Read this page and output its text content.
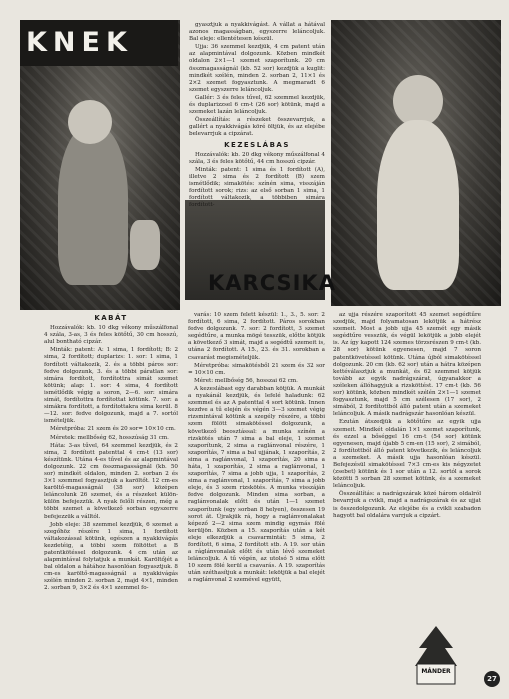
KNEK
KARCSIKA

gyasztjuk a nyakkivágást. A vállat a hátával azonos magasságban, egyszerre leláncoljuk. Bal eleje: ellentétesen készül.

Ujja: 36 szemmel kezdjük, 4 cm patent után az alapmintával dolgozunk. Közben mindkét oldalon 2×1—1 szemet szaporítunk. 20 cm összmagasságnál (kb. 52 sor) kezdjük a kuglit: mindkét szélén, minden 2. sorban 2, 11×1 és 2×2 szemet fogyasztunk. A megmaradt 6 szemet egyszerre leláncoljuk.

Gallér: 3 és feles tűvel, 62 szemmel kezdjük, és duplarizzsel 6 cm-t (26 sor) kötünk, majd a szemeket lazán leláncoljuk.

Összeállítás: a részeket összevarrjuk, a gallért a nyakkivágás köré öltjük, és az elejébe belevarrjuk a cipzárat.

KEZESLÁBAS

Hozzávalók: kb. 20 dkg vékony műszálfonal 4 szála, 3 és feles kötőtű, 44 cm hosszú cipzár.

Minták: patent: 1 sima és 1 fordított (A), illetve 2 sima és 2 fordított (B) szem ismétlődik; simakötés: színén sima, visszáján fordított sorok; rizs: az első sorban 1 sima, 1 fordított váltakozik, a többiben simára fordított-

KABÁT

Hozzávalók: kb. 10 dkg vékony műszálfonal 4 szála, 3-as, 3 és feles kötőtű, 30 cm hosszú, alul bontható cipzár.

Minták: patent: A: 1 sima, 1 fordított; B: 2 sima, 2 fordított; duplarizs: 1. sor: 1 sima, 1 fordított váltakozik, 2. és a többi páros sor: fedve dolgozunk, 3. és a többi páratlan sor: simára fordított, fordítottra simát szemet kötünk; alap: 1. sor: 4 sima, 4 fordított ismétlődik végig a soron, 2—6. sor: simára simát, fordítottra fordítottat kötünk. 7. sor: a simákra fordított, a fordítottakra sima kerül. 8—12. sor: fedve dolgozunk, majd a 7. sortól ismételjük.

Méretpróba: 21 szem és 20 sor= 10×10 cm.

Méretek: mellbőség 62, hosszúság 31 cm.

Háta: 3-as tűvel, 64 szemmel kezdjük, és 2 sima, 2 fordított patenttal 4 cm-t (13 sor) készítünk. Utána 4-es tűvel és az alapmintával dolgozunk. 22 cm összmagasságnál (kb. 50 sor) mindkét oldalon, minden 2. sorban 2 és 3×1 szemmel fogyasztjuk a karöltőt. 12 cm-es karöltő-magasságnál (38 sor) középen leláncolunk 26 szemet, és a részeket külön-külön befejezzük. A nyak felőli részen, még a többi szemet a következő sorban egyszerre befejezzük a válltól.

Jobb eleje: 38 szemmel kezdjük, 6 szemet a szegőhöz részére 1 sima, 1 fordított váltakozással kötünk, egészen a nyakkivágás kezdetéig, a többi szem föltöttet a B patentkötéssel dolgozunk. 4 cm után az alapmintával folytatjuk a munkát. Karöltőjét a bal oldalon a hátához hasonlóan fogyasztjuk. 8 cm-es karöltő-magasságnál a nyakkivágás szélén minden 2. sorban 2, majd 4×1, minden 2. sorban 9, 3×2 és 4×1 szemmel fo-

varás: 10 szem felett készül: 1., 3., 5. sor: 2 fordított, 6 sima, 2 fordított. Páros sorokban fedve dolgozunk. 7. sor: 2 fordított, 3 szemet segédtűre, a munka mögé tesszük, előtte kötjük a következő 3 simát, majd a segédtű szemeit is, utána 2 fordított. A 15., 23. és 31. sorokban a csavarást megismételjük.

Méretpróba: simakötésből 21 szem és 32 sor = 10×10 cm.

Méret: mellbőség 56, hosszai 62 cm.

A kezeslábast egy darabban kötjük. A munkát a nyakánál kezdjük, és lefelé haladunk: 62 szemmel és az A patenttal 4 sort kötünk. Innen kezdve a tű elején és végén 3—3 szemet végig rizsmintával kötünk a szegély részére, a többi szem fölött simakötéssel dolgozunk, a következő beosztással: a munka színén a rizskötés után 7 sima a bal eleje, 1 szemet szaporítunk, 2 sima a raglánvonal részére, 1 szaporítás, 7 sima a bal ujjának, 1 szaporítás, 2 sima a raglánvonal, 1 szaporítás, 20 sima a háta, 1 szaporítás, 2 sima a raglánvonal, 1 szaporítás, 7 sima a jobb ujja, 1 szaporítás, 2 sima a raglánvonal, 1 szaporítás, 7 sima a jobb eleje, és 3 szem rizskötés. A munka visszáján fedve dolgozunk. Minden sima sorban, a raglánvonalak előtt és után 1—1 szemet szaporítunk (egy sorban 8 helyen), összesen 19 sorot át. Újrakjük rá, hogy a raglánvonalakat képező 2—2 sima szem mindig egymás fölé kerüljön. Közben a 15. szaporítás után a két eleje elkezdjük a csavarmintát: 5 sima, 2 fordított, 6 sima, 2 fordított stb. A 19. sor után a ráglánvonalak előtt és után lévő szemeket leláncoljuk. A tű végén, az utolsó 5 sima előtt 10 szem fölé kerül a csavarás. A 19. szaporítás után széthasítjuk a munkát: lekötjük a bal elejét a raglánvonal 2 szemével együtt,

az ujja részére szaporított 45 szemet segédtűre szedjük, majd folyamatosan lekötjük a hátrész szemeit. Most a jobb ujja 45 szemét egy másik segédtűre vesszük, és végül lekötjük a jobb elejét is. Az így kapott 124 szemes törzsrészen 9 cm-t (kb. 28 sor) kötünk egyenesen, majd 7 soron patentkövetéssel kötünk. Utána újból simakötéssel dolgozunk. 20 cm (kb. 62 sor) után a hátra középen kettéválasztjuk a munkát, és 62 szemmel kötjük tovább az egyik nadrágszárat, úgyanakkor a széleken állóhagyjuk a rizsköttést. 17 cm-t (kb. 56 sor) kötünk, közben mindkét szélén 2×1—1 szemet fogyasztunk, majd 5 cm szélesen (17 sor), 2 simából, 2 fordítottból álló patent után a szemeket leláncoljuk. A másik nadrágszár hasonlóan készül.

Ezután átszedjük a kötőtűre az egyik ujja szemeit. Mindkét oldalán 1×1 szemet szaporítunk, és ezzel a bőséggel 16 cm-t (54 sor) kötünk egyenesen, majd újabb 5 cm-en (15 sor), 2 simából, 2 fordítottból álló patent következik, és leláncoljuk a szemeket. A másik ujja hasonlóan készül. Befejezésül simakötéssel 7×3 cm-es kis négyzetet (zsebet) kötünk és 1 sor után a 12. sortól a sorok közötti 5 sorban 28 szemet kötünk, és a szemeket leláncoljuk.

Összeállítás: a nadrágszárak közé három oldalról bevarrjuk a cvikli, majd a nadrágszárak és az ujjat is összedolgozunk. Az elejébe és a cvikli szabadon hagyott bal oldalára varrjuk a cipzárt.

MÁNDER
27
